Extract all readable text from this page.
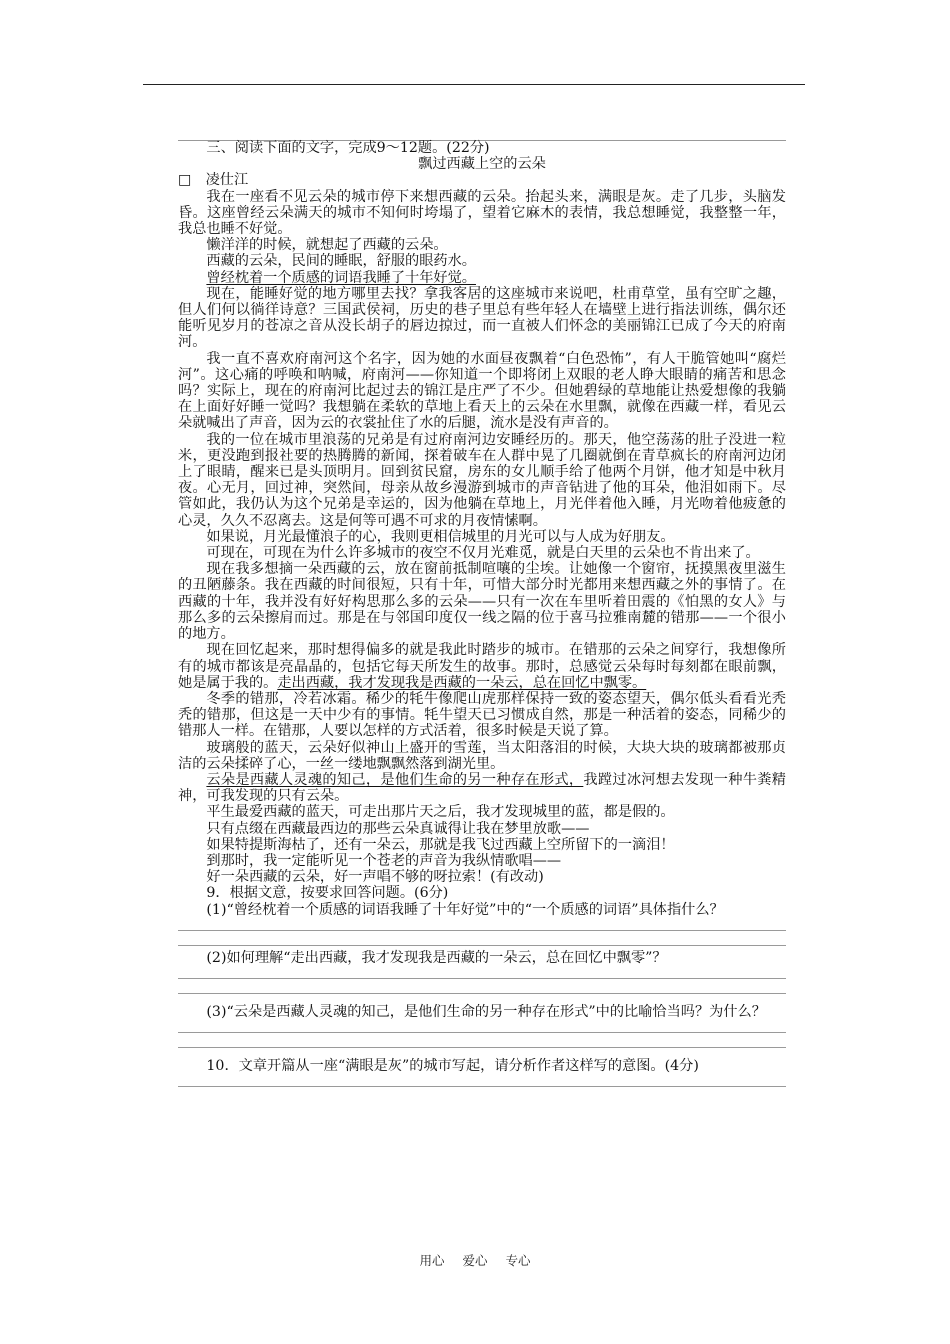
三、阅读下面的文字，完成9～12题。(22分)

飘过西藏上空的云朵

□　凌仕江

我在一座看不见云朵的城市停下来想西藏的云朵。抬起头来，满眼是灰。走了几步，头脑发昏。这座曾经云朵满天的城市不知何时垮塌了，望着它麻木的表情，我总想睡觉，我整整一年，我总也睡不好觉。

懒洋洋的时候，就想起了西藏的云朵。

西藏的云朵，民间的睡眠，舒服的眼药水。

曾经枕着一个质感的词语我睡了十年好觉。

现在，能睡好觉的地方哪里去找？拿我客居的这座城市来说吧，杜甫草堂，虽有空旷之趣，但人们何以徜徉诗意？三国武侯祠，历史的巷子里总有些年轻人在墙壁上进行指法训练，偶尔还能听见岁月的苍凉之音从没长胡子的唇边掠过，而一直被人们怀念的美丽锦江已成了今天的府南河。

我一直不喜欢府南河这个名字，因为她的水面昼夜飘着“白色恐怖”，有人干脆管她叫“腐烂河”。这心痛的呼唤和呐喊，府南河——你知道一个即将闭上双眼的老人睁大眼睛的痛苦和思念吗？实际上，现在的府南河比起过去的锦江是庄严了不少。但她碧绿的草地能让热爱想像的我躺在上面好好睡一觉吗？我想躺在柔软的草地上看天上的云朵在水里飘，就像在西藏一样，看见云朵就喊出了声音，因为云的衣裳扯住了水的后腿，流水是没有声音的。

我的一位在城市里浪荡的兄弟是有过府南河边安睡经历的。那天，他空荡荡的肚子没进一粒米，更没跑到报社要的热腾腾的新闻，探着破车在人群中晃了几圈就倒在青草疯长的府南河边闭上了眼睛，醒来已是头顶明月。回到贫民窟，房东的女儿顺手给了他两个月饼，他才知是中秋月夜。心无月，回过神，突然间，母亲从故乡漫游到城市的声音钻进了他的耳朵，他泪如雨下。尽管如此，我仍认为这个兄弟是幸运的，因为他躺在草地上，月光伴着他入睡，月光吻着他疲惫的心灵，久久不忍离去。这是何等可遇不可求的月夜情愫啊。

如果说，月光最懂浪子的心，我则更相信城里的月光可以与人成为好朋友。

可现在，可现在为什么许多城市的夜空不仅月光难觅，就是白天里的云朵也不肯出来了。

现在我多想摘一朵西藏的云，放在窗前抵制喧嚷的尘埃。让她像一个窗帘，抚摸黑夜里滋生的丑陋藤条。我在西藏的时间很短，只有十年，可惜大部分时光都用来想西藏之外的事情了。在西藏的十年，我并没有好好构思那么多的云朵——只有一次在车里听着田震的《怕黑的女人》与那么多的云朵擦肩而过。那是在与邻国印度仅一线之隔的位于喜马拉雅南麓的错那——一个很小的地方。

现在回忆起来，那时想得偏多的就是我此时踏步的城市。在错那的云朵之间穿行，我想像所有的城市都该是亮晶晶的，包括它每天所发生的故事。那时，总感觉云朵每时每刻都在眼前飘，她是属于我的。走出西藏，我才发现我是西藏的一朵云，总在回忆中飘零。

冬季的错那，冷若冰霜。稀少的牦牛像爬山虎那样保持一致的姿态望天，偶尔低头看看光秃秃的错那，但这是一天中少有的事情。牦牛望天已习惯成自然，那是一种活着的姿态，同稀少的错那人一样。在错那，人要以怎样的方式活着，很多时候是天说了算。

玻璃般的蓝天，云朵好似神山上盛开的雪莲，当太阳落泪的时候，大块大块的玻璃都被那贞洁的云朵揉碎了心，一丝一缕地飘飘然落到湖光里。

云朵是西藏人灵魂的知己，是他们生命的另一种存在形式，我蹚过冰河想去发现一种牛粪精神，可我发现的只有云朵。

平生最爱西藏的蓝天，可走出那片天之后，我才发现城里的蓝，都是假的。

只有点缀在西藏最西边的那些云朵真诚得让我在梦里放歌——

如果特提斯海枯了，还有一朵云，那就是我飞过西藏上空所留下的一滴泪！

到那时，我一定能听见一个苍老的声音为我纵情歌唱——

好一朵西藏的云朵，好一声唱不够的呀拉索！(有改动)

9．根据文意，按要求回答问题。(6分)

(1)“曾经枕着一个质感的词语我睡了十年好觉”中的“一个质感的词语”具体指什么？

(2)如何理解“走出西藏，我才发现我是西藏的一朵云，总在回忆中飘零”？

(3)“云朵是西藏人灵魂的知己，是他们生命的另一种存在形式”中的比喻恰当吗？为什么？

10．文章开篇从一座“满眼是灰”的城市写起，请分析作者这样写的意图。(4分)

用心 爱心 专心
